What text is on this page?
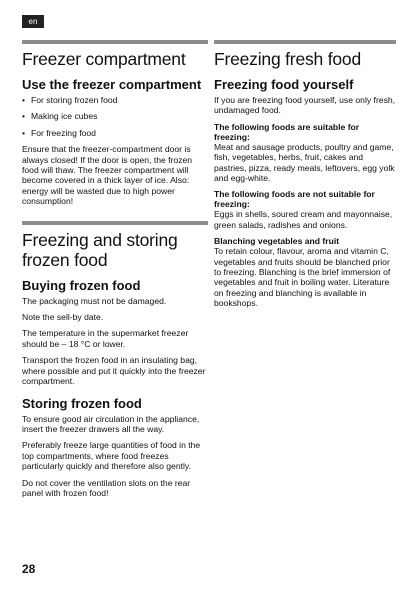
en
Freezer compartment
Use the freezer compartment
• For storing frozen food
• Making ice cubes
• For freezing food

Ensure that the freezer-compartment door is always closed! If the door is open, the frozen food will thaw. The freezer compartment will become covered in a thick layer of ice. Also: energy will be wasted due to high power consumption!

Freezing and storing frozen food
Buying frozen food

The packaging must not be damaged.

Note the sell-by date.

The temperature in the supermarket freezer should be – 18 °C or lower.

Transport the frozen food in an insulating bag, where possible and put it quickly into the freezer compartment.

Storing frozen food

To ensure good air circulation in the appliance, insert the freezer drawers all the way.

Preferably freeze large quantities of food in the top compartments, where food freezes particularly quickly and therefore also gently.

Do not cover the ventilation slots on the rear panel with frozen food!

Freezing fresh food
Freezing food yourself

If you are freezing food yourself, use only fresh, undamaged food.

The following foods are suitable for freezing:

Meat and sausage products, poultry and game, fish, vegetables, herbs, fruit, cakes and pastries, pizza, ready meals, leftovers, egg yolk and egg-white.

The following foods are not suitable for freezing:

Eggs in shells, soured cream and mayonnaise, green salads, radishes and onions.

Blanching vegetables and fruit

To retain colour, flavour, aroma and vitamin C, vegetables and fruits should be blanched prior to freezing. Blanching is the brief immersion of vegetables and fruit in boiling water. Literature on freezing and blanching is available in bookshops.

28
